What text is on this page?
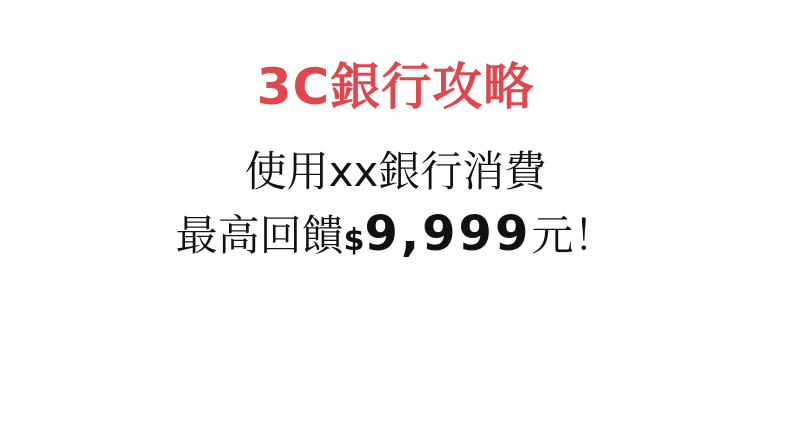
3C銀行攻略
使用xx銀行消費
最高回饋$9,999元！
